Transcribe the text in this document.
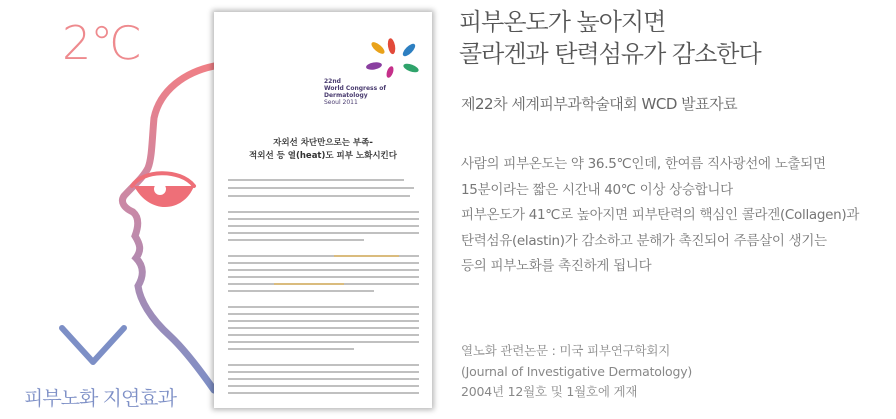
2℃
피부노화 지연효과
22nd
World Congress of
Dermatology
Seoul 2011
자외선 차단만으로는 부족-
적외선 등 열(heat)도 피부 노화시킨다
피부온도가 높아지면
콜라겐과 탄력섬유가 감소한다
제22차 세계피부과학술대회 WCD 발표자료
사람의 피부온도는 약 36.5℃인데, 한여름 직사광선에 노출되면
15분이라는 짧은 시간내 40℃ 이상 상승합니다
피부온도가 41℃로 높아지면 피부탄력의 핵심인 콜라겐(Collagen)과
탄력섬유(elastin)가 감소하고 분해가 촉진되어 주름살이 생기는
등의 피부노화를 촉진하게 됩니다
열노화 관련논문 : 미국 피부연구학회지
(Journal of Investigative Dermatology)
2004년 12월호 및 1월호에 게재
